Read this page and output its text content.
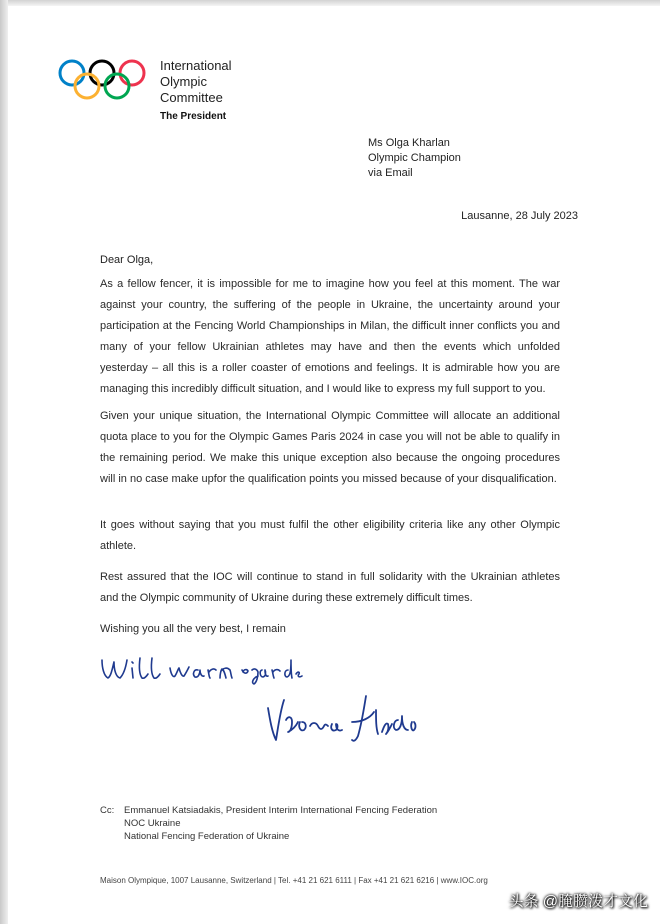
International
Olympic
Committee
The President
Ms Olga Kharlan
Olympic Champion
via Email
Lausanne, 28 July 2023
Dear Olga,
As a fellow fencer, it is impossible for me to imagine how you feel at this moment. The war against your country, the suffering of the people in Ukraine, the uncertainty around your participation at the Fencing World Championships in Milan, the difficult inner conflicts you and many of your fellow Ukrainian athletes may have and then the events which unfolded yesterday – all this is a roller coaster of emotions and feelings. It is admirable how you are managing this incredibly difficult situation, and I would like to express my full support to you.
Given your unique situation, the International Olympic Committee will allocate an additional quota place to you for the Olympic Games Paris 2024 in case you will not be able to qualify in the remaining period. We make this unique exception also because the ongoing procedures will in no case make upfor the qualification points you missed because of your disqualification.
It goes without saying that you must fulfil the other eligibility criteria like any other Olympic athlete.
Rest assured that the IOC will continue to stand in full solidarity with the Ukrainian athletes and the Olympic community of Ukraine during these extremely difficult times.
Wishing you all the very best, I remain
Cc: Emmanuel Katsiadakis, President Interim International Fencing Federation
NOC Ukraine
National Fencing Federation of Ukraine
Maison Olympique, 1007 Lausanne, Switzerland | Tel. +41 21 621 6111 | Fax +41 21 621 6216 | www.IOC.org
头条 @腌臜泼才文化
